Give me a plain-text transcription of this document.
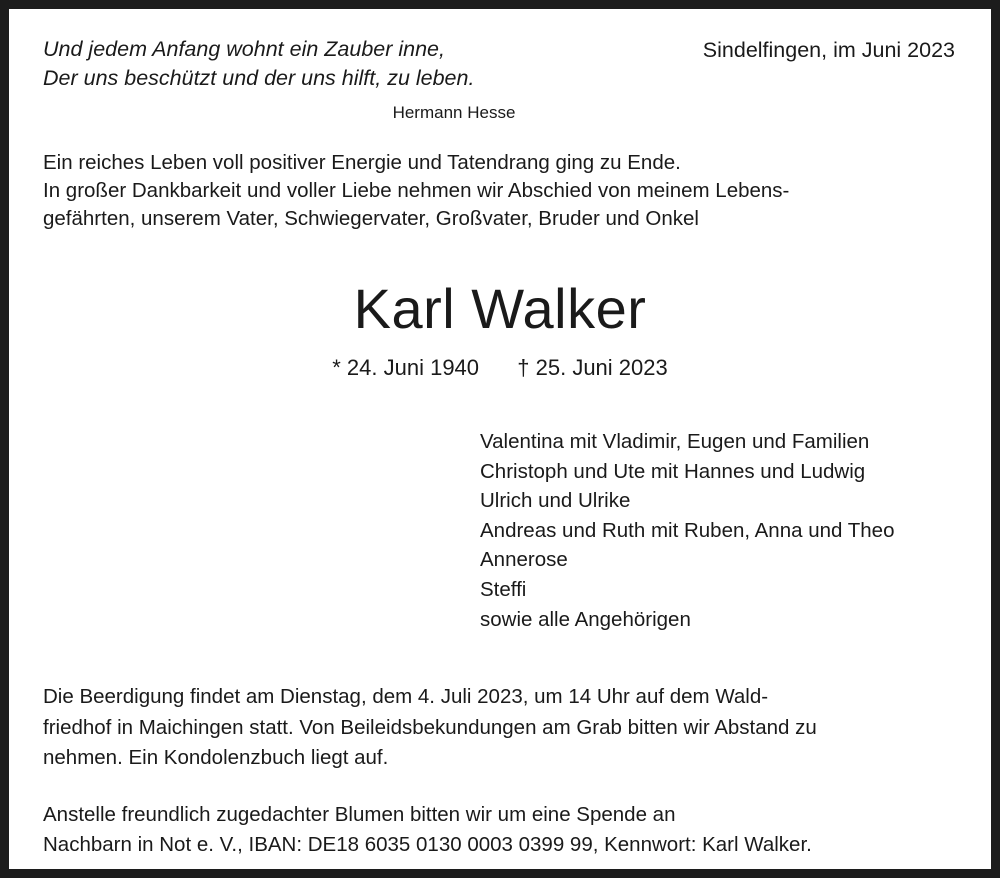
Und jedem Anfang wohnt ein Zauber inne,
Der uns beschützt und der uns hilft, zu leben.
Sindelfingen, im Juni 2023
Hermann Hesse
Ein reiches Leben voll positiver Energie und Tatendrang ging zu Ende.
In großer Dankbarkeit und voller Liebe nehmen wir Abschied von meinem Lebens-
gefährten, unserem Vater, Schwiegervater, Großvater, Bruder und Onkel
Karl Walker
* 24. Juni 1940 † 25. Juni 2023
Valentina mit Vladimir, Eugen und Familien
Christoph und Ute mit Hannes und Ludwig
Ulrich und Ulrike
Andreas und Ruth mit Ruben, Anna und Theo
Annerose
Steffi
sowie alle Angehörigen

Die Beerdigung findet am Dienstag, dem 4. Juli 2023, um 14 Uhr auf dem Wald-
friedhof in Maichingen statt. Von Beileidsbekundungen am Grab bitten wir Abstand zu
nehmen. Ein Kondolenzbuch liegt auf.

Anstelle freundlich zugedachter Blumen bitten wir um eine Spende an
Nachbarn in Not e. V., IBAN: DE18 6035 0130 0003 0399 99, Kennwort: Karl Walker.
